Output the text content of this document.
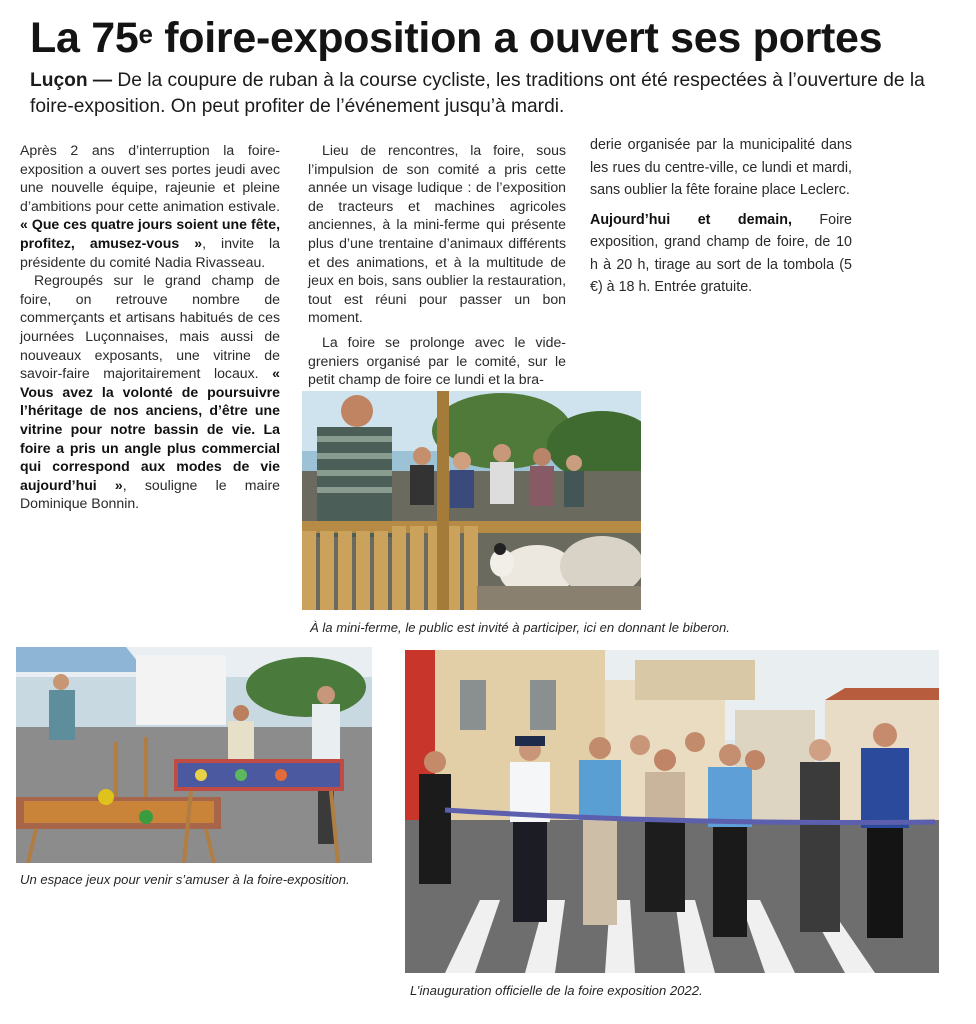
La 75e foire-exposition a ouvert ses portes
Luçon — De la coupure de ruban à la course cycliste, les traditions ont été respectées à l’ouverture de la foire-exposition. On peut profiter de l’événement jusqu’à mardi.

Après 2 ans d’interruption la foire-exposition a ouvert ses portes jeudi avec une nouvelle équipe, rajeunie et pleine d’ambitions pour cette animation estivale. « Que ces quatre jours soient une fête, profitez, amusez-vous », invite la présidente du comité Nadia Rivasseau.

Regroupés sur le grand champ de foire, on retrouve nombre de commerçants et artisans habitués de ces journées Luçonnaises, mais aussi de nouveaux exposants, une vitrine de savoir-faire majoritairement locaux. « Vous avez la volonté de poursuivre l’héritage de nos anciens, d’être une vitrine pour notre bassin de vie. La foire a pris un angle plus commercial qui correspond aux modes de vie aujourd’hui », souligne le maire Dominique Bonnin.

Lieu de rencontres, la foire, sous l’impulsion de son comité a pris cette année un visage ludique : de l’exposition de tracteurs et machines agricoles anciennes, à la mini-ferme qui présente plus d’une trentaine d’animaux différents et des animations, et à la multitude de jeux en bois, sans oublier la restauration, tout est réuni pour passer un bon moment.

La foire se prolonge avec le vide-greniers organisé par le comité, sur le petit champ de foire ce lundi et la bra-

derie organisée par la municipalité dans les rues du centre-ville, ce lundi et mardi, sans oublier la fête foraine place Leclerc.

Aujourd’hui et demain, Foire exposition, grand champ de foire, de 10 h à 20 h, tirage au sort de la tombola (5 €) à 18 h. Entrée gratuite.

À la mini-ferme, le public est invité à participer, ici en donnant le biberon.
Un espace jeux pour venir s’amuser à la foire-exposition.
L’inauguration officielle de la foire exposition 2022.
